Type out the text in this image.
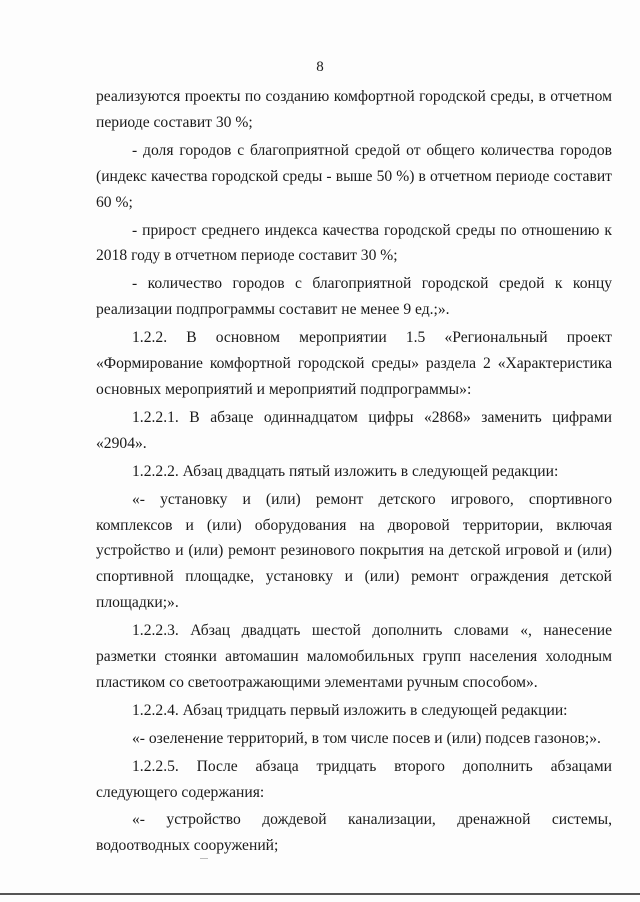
8

реализуются проекты по созданию комфортной городской среды, в отчетном периоде составит 30 %;

- доля городов с благоприятной средой от общего количества городов (индекс качества городской среды - выше 50 %) в отчетном периоде составит 60 %;

- прирост среднего индекса качества городской среды по отношению к 2018 году в отчетном периоде составит 30 %;

- количество городов с благоприятной городской средой к концу реализации подпрограммы составит не менее 9 ед.;».

1.2.2. В основном мероприятии 1.5 «Региональный проект «Формирование комфортной городской среды» раздела 2 «Характеристика основных мероприятий и мероприятий подпрограммы»:

1.2.2.1. В абзаце одиннадцатом цифры «2868» заменить цифрами «2904».

1.2.2.2. Абзац двадцать пятый изложить в следующей редакции:

«- установку и (или) ремонт детского игрового, спортивного комплексов и (или) оборудования на дворовой территории, включая устройство и (или) ремонт резинового покрытия на детской игровой и (или) спортивной площадке, установку и (или) ремонт ограждения детской площадки;».

1.2.2.3. Абзац двадцать шестой дополнить словами «, нанесение разметки стоянки автомашин маломобильных групп населения холодным пластиком со светоотражающими элементами ручным способом».

1.2.2.4. Абзац тридцать первый изложить в следующей редакции:

«- озеленение территорий, в том числе посев и (или) подсев газонов;».

1.2.2.5. После абзаца тридцать второго дополнить абзацами следующего содержания:

«- устройство дождевой канализации, дренажной системы, водоотводных сооружений;
